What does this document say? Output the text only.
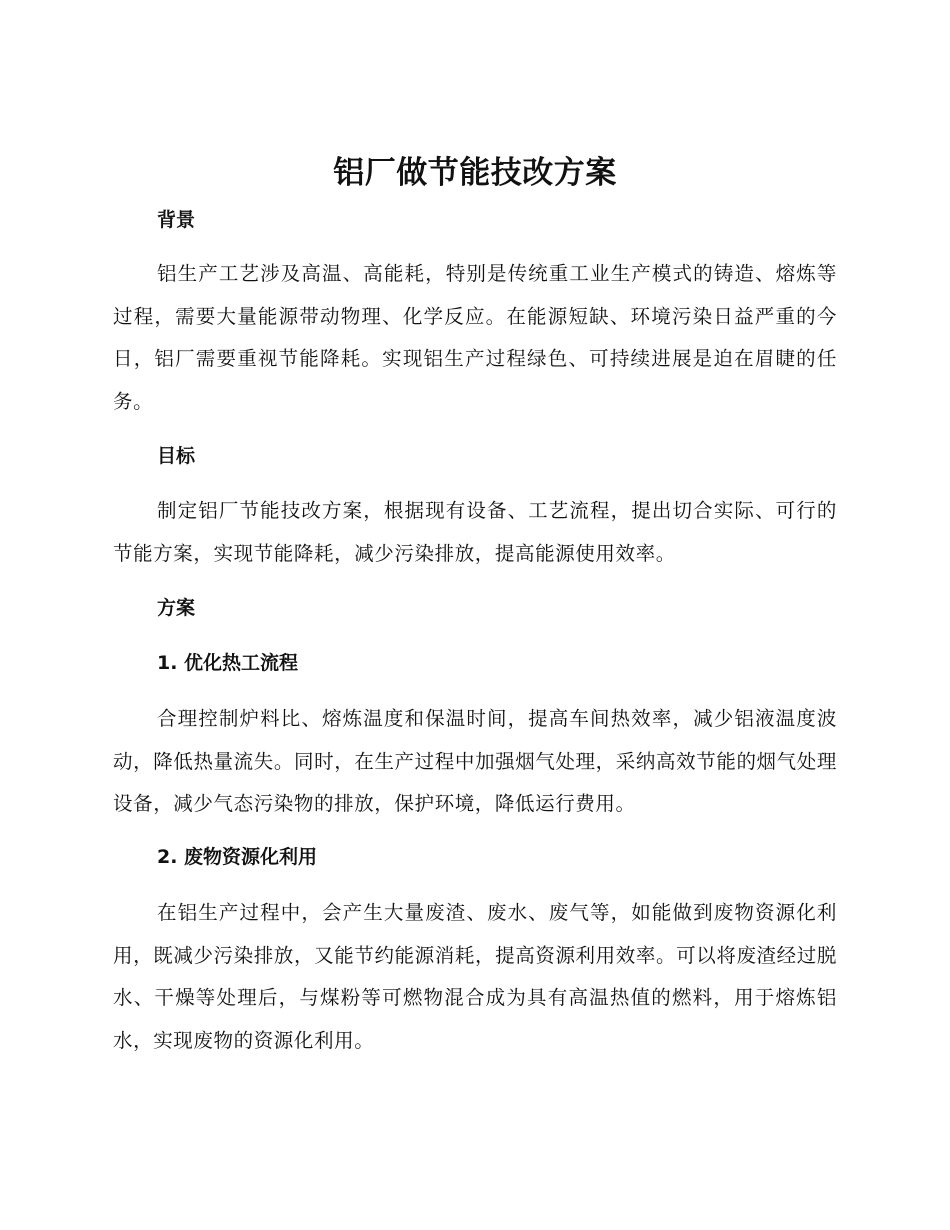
铝厂做节能技改方案
背景

铝生产工艺涉及高温、高能耗，特别是传统重工业生产模式的铸造、熔炼等过程，需要大量能源带动物理、化学反应。在能源短缺、环境污染日益严重的今日，铝厂需要重视节能降耗。实现铝生产过程绿色、可持续进展是迫在眉睫的任务。

目标

制定铝厂节能技改方案，根据现有设备、工艺流程，提出切合实际、可行的节能方案，实现节能降耗，减少污染排放，提高能源使用效率。

方案
1. 优化热工流程

合理控制炉料比、熔炼温度和保温时间，提高车间热效率，减少铝液温度波动，降低热量流失。同时，在生产过程中加强烟气处理，采纳高效节能的烟气处理设备，减少气态污染物的排放，保护环境，降低运行费用。

2. 废物资源化利用

在铝生产过程中，会产生大量废渣、废水、废气等，如能做到废物资源化利用，既减少污染排放，又能节约能源消耗，提高资源利用效率。可以将废渣经过脱水、干燥等处理后，与煤粉等可燃物混合成为具有高温热值的燃料，用于熔炼铝水，实现废物的资源化利用。
